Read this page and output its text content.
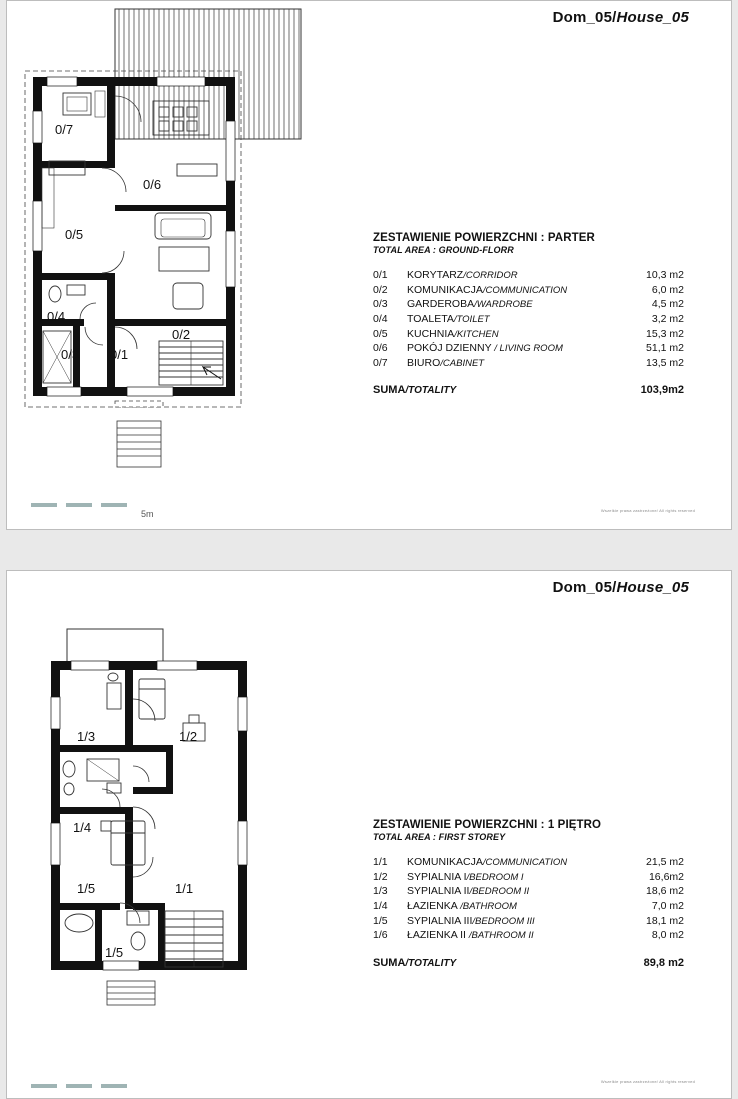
Dom_05/House_05
0/7
0/6
0/5
0/4
0/3 0/1
0/2
ZESTAWIENIE POWIERZCHNI : PARTER
TOTAL AREA : GROUND-FLORR
0/1	KORYTARZ/CORRIDOR	10,3 m2
0/2	KOMUNIKACJA/COMMUNICATION	6,0 m2
0/3	GARDEROBA/WARDROBE	4,5 m2
0/4	TOALETA/TOILET	3,2 m2
0/5	KUCHNIA/KITCHEN	15,3 m2
0/6	POKÓJ DZIENNY / LIVING ROOM	51,1 m2
0/7	BIURO/CABINET	13,5 m2
SUMA/TOTALITY	103,9m2
5m	Wszelkie prawa zastrzeżone/ All rights reserved
Dom_05/House_05
1/3	1/2
1/4
1/5	1/1
1/5
ZESTAWIENIE POWIERZCHNI : 1 PIĘTRO
TOTAL AREA : FIRST STOREY
1/1	KOMUNIKACJA/COMMUNICATION	21,5 m2
1/2	SYPIALNIA I/BEDROOM I	16,6m2
1/3	SYPIALNIA II/BEDROOM II	18,6 m2
1/4	ŁAZIENKA /BATHROOM	7,0 m2
1/5	SYPIALNIA III/BEDROOM III	18,1 m2
1/6	ŁAZIENKA II /BATHROOM II	8,0 m2
SUMA/TOTALITY	89,8 m2
Wszelkie prawa zastrzeżone/ All rights reserved
